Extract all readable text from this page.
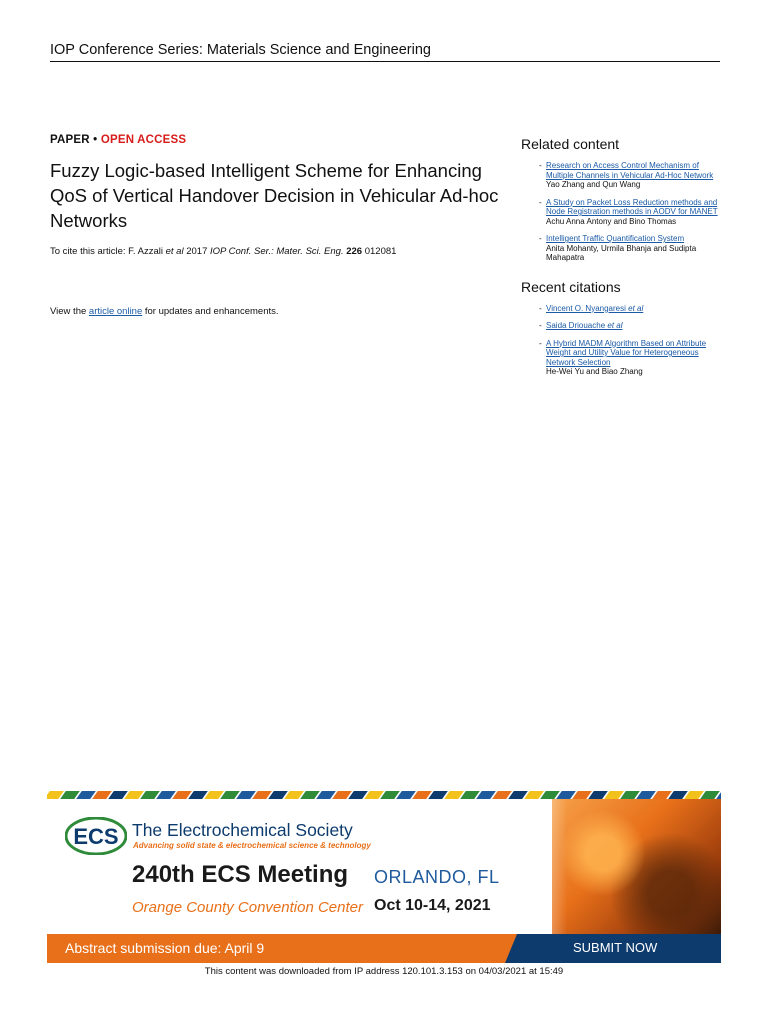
IOP Conference Series: Materials Science and Engineering
PAPER • OPEN ACCESS
Fuzzy Logic-based Intelligent Scheme for Enhancing QoS of Vertical Handover Decision in Vehicular Ad-hoc Networks
To cite this article: F. Azzali et al 2017 IOP Conf. Ser.: Mater. Sci. Eng. 226 012081
View the article online for updates and enhancements.
Related content
- Research on Access Control Mechanism of Multiple Channels in Vehicular Ad-Hoc Network
Yao Zhang and Qun Wang
- A Study on Packet Loss Reduction methods and Node Registration methods in AODV for MANET
Achu Anna Antony and Bino Thomas
- Intelligent Traffic Quantification System
Anita Mohanty, Urmila Bhanja and Sudipta Mahapatra
Recent citations
- Vincent O. Nyangaresi et al
- Saida Driouache et al
- A Hybrid MADM Algorithm Based on Attribute Weight and Utility Value for Heterogeneous Network Selection
He-Wei Yu and Biao Zhang
ECS The Electrochemical Society
Advancing solid state & electrochemical science & technology
240th ECS Meeting ORLANDO, FL
Orange County Convention Center Oct 10-14, 2021
Abstract submission due: April 9	SUBMIT NOW
This content was downloaded from IP address 120.101.3.153 on 04/03/2021 at 15:49
